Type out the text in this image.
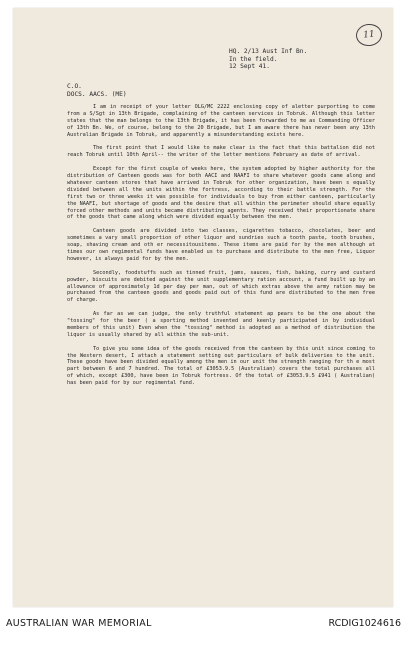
11
HQ. 2/13 Aust Inf Bn.
In the field.
12 Sept 41.
C.O.
DOCS. AACS. (ME)

I am in receipt of your letter OLG/MC 2222 enclosing copy of aletter purporting to come from a S/Sgt in 13th Brigade, complaining of the canteen services in Tobruk. Although this letter states that the man belongs to the 13th Brigade, it has been forwarded to me as Commanding Officer of 13th Bn. We, of course, belong to the 20 Brigade, but I am aware there has never been any 13th Australian Brigade in Tobruk, and apparently a misunderstanding exists here.

The first point that I would like to make clear is the fact that this battalion did not reach Tobruk until 10th April-- the writer of the letter mentions February as date of arrival.

Except for the first couple of weeks here, the system adopted by higher authority for the distribution of Canteen goods was for both AACI and NAAFI to share whatever goods came along and whatever canteen stores that have arrived in Tobruk for other organization, have been s equally divided between all the units within the fortress, according to their battle strength. For the first two or three weeks it was possible for individuals to buy from either canteen, particularly the NAAFI, but shortage of goods and the desire that all within the perimeter should share equally forced other methods and units became distributing agents. They received their proportionate share of the goods that came along which were divided equally between the men.

Canteen goods are divided into two classes, cigarettes tobacco, chocolates, beer and sometimes a vary small proportion of other liquor and sundries such a tooth paste, tooth brushes, soap, shaving cream and oth er necessitousitems. These items are paid for by the men although at times our own regimental funds have enabled us to purchase and distribute to the men free, Liquor however, is always paid for by the men.

Secondly, foodstuffs such as tinned fruit, jams, sauces, fish, baking, curry and custard powder, biscuits are debited against the unit supplementary ration account, a fund built up by an allowance of approximately 1d per day per man, out of which extras above the army ration may be purchased from the canteen goods and goods paid out of this fund are distributed to the men free of charge.

As far as we can judge, the only truthful statement ap pears to be the one about the "tossing" for the beer ( a sporting method invented and keenly participated in by individual members of this unit) Even when the "tossing" method is adopted as a method of distribution the liquor is usually shared by all within the sub-unit.

To give you some idea of the goods received from the canteen by this unit since coming to the Western desert, I attach a statement setting out particulars of bulk deliveries to the unit. These goods have been divided equally among the men in our unit the strength ranging for th e most part between 6 and 7 hundred. The total of £3053.9.5 (Australian) covers the total purchases all of which, except £300, have been in Tobruk fortress. Of the total of £3053.9.5 £941 ( Australian) has been paid for by our regimental fund.

AUSTRALIAN WAR MEMORIAL	RCDIG1024616
